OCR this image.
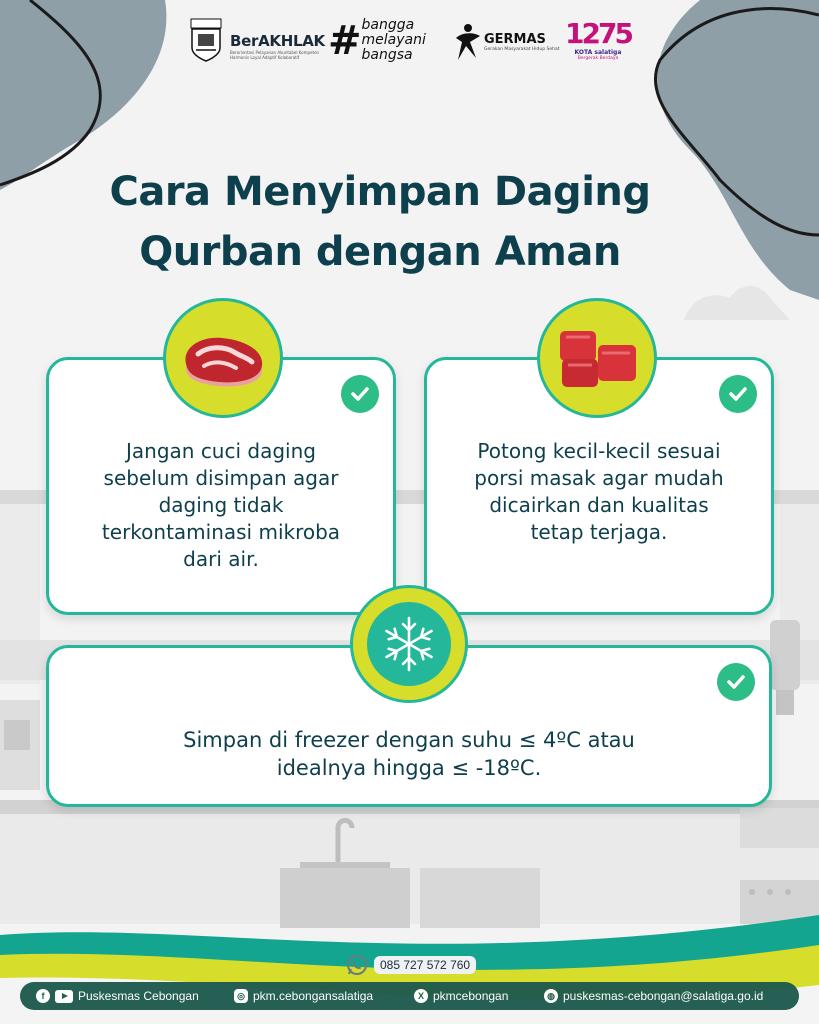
BerAKHLAK
Berorientasi Pelayanan Akuntabel Kompeten Harmonis Loyal Adaptif Kolaboratif # bangga
melayani
bangsa
GERMAS
Gerakan Masyarakat Hidup Sehat 1275
KOTA salatiga
Bergerak Berdaya
Cara Menyimpan Daging
Qurban dengan Aman
Jangan cuci daging
sebelum disimpan agar
daging tidak
terkontaminasi mikroba
dari air.
Potong kecil-kecil sesuai
porsi masak agar mudah
dicairkan dan kualitas
tetap terjaga.
Simpan di freezer dengan suhu ≤ 4ºC atau
idealnya hingga ≤ -18ºC.
085 727 572 760
f	Puskesmas Cebongan	◎ pkm.cebongansalatiga	X pkmcebongan	◍ puskesmas-cebongan@salatiga.go.id
